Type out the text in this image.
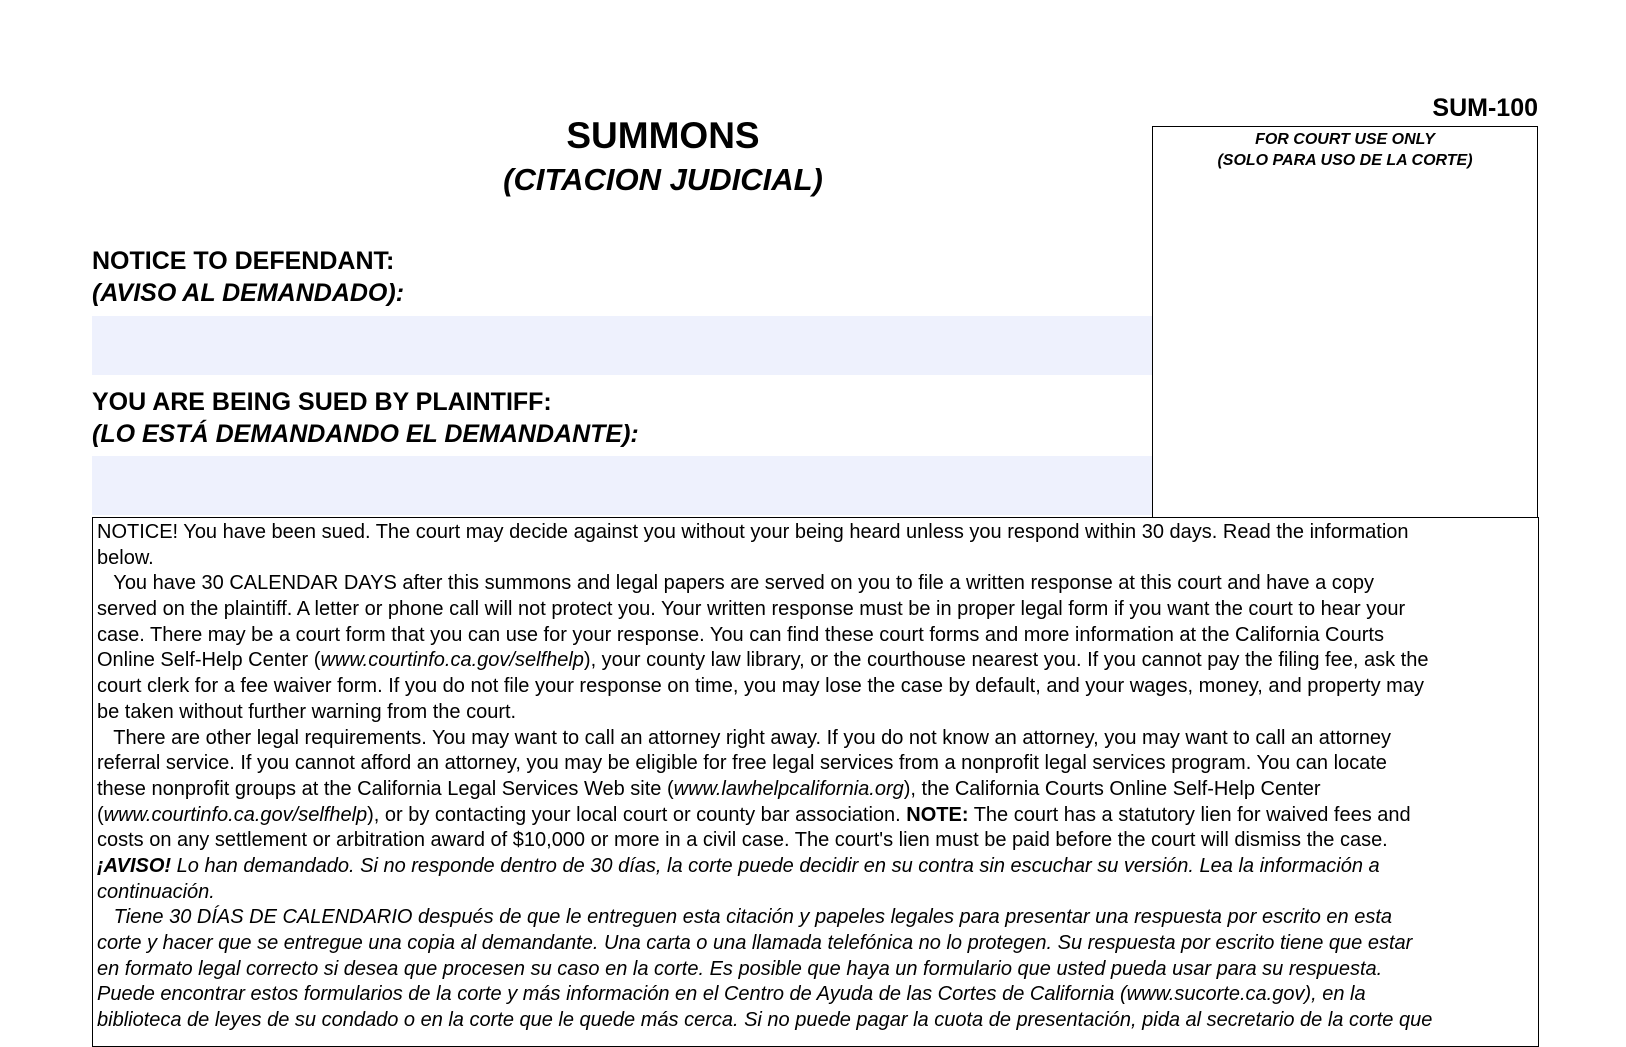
SUM-100
FOR COURT USE ONLY
(SOLO PARA USO DE LA CORTE)
SUMMONS
(CITACION JUDICIAL)
NOTICE TO DEFENDANT:
(AVISO AL DEMANDADO):
YOU ARE BEING SUED BY PLAINTIFF:
(LO ESTÁ DEMANDANDO EL DEMANDANTE):
NOTICE! You have been sued. The court may decide against you without your being heard unless you respond within 30 days. Read the information
below.
You have 30 CALENDAR DAYS after this summons and legal papers are served on you to file a written response at this court and have a copy
served on the plaintiff. A letter or phone call will not protect you. Your written response must be in proper legal form if you want the court to hear your
case. There may be a court form that you can use for your response. You can find these court forms and more information at the California Courts
Online Self-Help Center (www.courtinfo.ca.gov/selfhelp), your county law library, or the courthouse nearest you. If you cannot pay the filing fee, ask the
court clerk for a fee waiver form. If you do not file your response on time, you may lose the case by default, and your wages, money, and property may
be taken without further warning from the court.
There are other legal requirements. You may want to call an attorney right away. If you do not know an attorney, you may want to call an attorney
referral service. If you cannot afford an attorney, you may be eligible for free legal services from a nonprofit legal services program. You can locate
these nonprofit groups at the California Legal Services Web site (www.lawhelpcalifornia.org), the California Courts Online Self-Help Center
(www.courtinfo.ca.gov/selfhelp), or by contacting your local court or county bar association. NOTE: The court has a statutory lien for waived fees and
costs on any settlement or arbitration award of $10,000 or more in a civil case. The court's lien must be paid before the court will dismiss the case.
¡AVISO! Lo han demandado. Si no responde dentro de 30 días, la corte puede decidir en su contra sin escuchar su versión. Lea la información a
continuación.
Tiene 30 DÍAS DE CALENDARIO después de que le entreguen esta citación y papeles legales para presentar una respuesta por escrito en esta
corte y hacer que se entregue una copia al demandante. Una carta o una llamada telefónica no lo protegen. Su respuesta por escrito tiene que estar
en formato legal correcto si desea que procesen su caso en la corte. Es posible que haya un formulario que usted pueda usar para su respuesta.
Puede encontrar estos formularios de la corte y más información en el Centro de Ayuda de las Cortes de California (www.sucorte.ca.gov), en la
biblioteca de leyes de su condado o en la corte que le quede más cerca. Si no puede pagar la cuota de presentación, pida al secretario de la corte que
